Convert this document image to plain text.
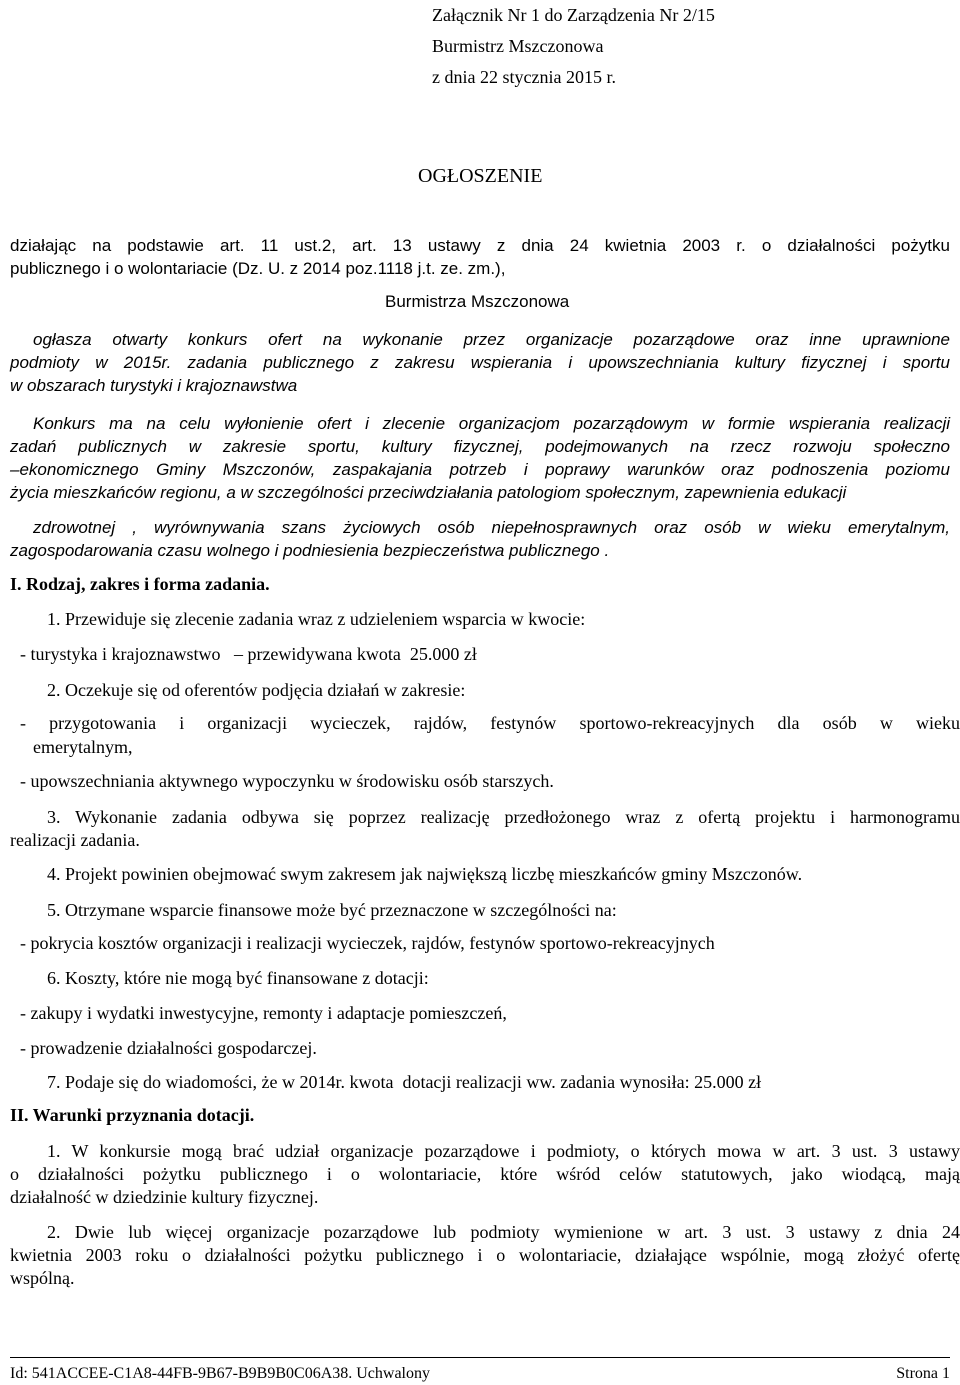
Załącznik Nr 1 do Zarządzenia Nr 2/15
Burmistrz Mszczonowa
z dnia 22 stycznia 2015 r.
OGŁOSZENIE
działając na podstawie art. 11 ust.2, art. 13 ustawy z dnia 24 kwietnia 2003 r. o działalności pożytku
publicznego i o wolontariacie (Dz. U. z 2014 poz.1118 j.t. ze. zm.),
Burmistrza Mszczonowa
ogłasza otwarty konkurs ofert na wykonanie przez organizacje pozarządowe oraz inne uprawnione
podmioty w 2015r. zadania publicznego z zakresu wspierania i upowszechniania kultury fizycznej i sportu
w obszarach turystyki i krajoznawstwa
Konkurs ma na celu wyłonienie ofert i zlecenie organizacjom pozarządowym w formie wspierania realizacji
zadań publicznych w zakresie sportu, kultury fizycznej, podejmowanych na rzecz rozwoju społeczno
–ekonomicznego Gminy Mszczonów, zaspakajania potrzeb i poprawy warunków oraz podnoszenia poziomu
życia mieszkańców regionu, a w szczególności przeciwdziałania patologiom społecznym, zapewnienia edukacji
zdrowotnej , wyrównywania szans życiowych osób niepełnosprawnych oraz osób w wieku emerytalnym,
zagospodarowania czasu wolnego i podniesienia bezpieczeństwa publicznego .
I. Rodzaj, zakres i forma zadania.
1. Przewiduje się zlecenie zadania wraz z udzieleniem wsparcia w kwocie:
- turystyka i krajoznawstwo   – przewidywana kwota  25.000 zł
2. Oczekuje się od oferentów podjęcia działań w zakresie:
- przygotowania i organizacji wycieczek, rajdów, festynów sportowo-rekreacyjnych dla osób w wieku
emerytalnym,
- upowszechniania aktywnego wypoczynku w środowisku osób starszych.
3. Wykonanie zadania odbywa się poprzez realizację przedłożonego wraz z ofertą projektu i harmonogramu
realizacji zadania.
4. Projekt powinien obejmować swym zakresem jak największą liczbę mieszkańców gminy Mszczonów.
5. Otrzymane wsparcie finansowe może być przeznaczone w szczególności na:
- pokrycia kosztów organizacji i realizacji wycieczek, rajdów, festynów sportowo-rekreacyjnych
6. Koszty, które nie mogą być finansowane z dotacji:
- zakupy i wydatki inwestycyjne, remonty i adaptacje pomieszczeń,
- prowadzenie działalności gospodarczej.
7. Podaje się do wiadomości, że w 2014r. kwota  dotacji realizacji ww. zadania wynosiła: 25.000 zł
II. Warunki przyznania dotacji.
1. W konkursie mogą brać udział organizacje pozarządowe i podmioty, o których mowa w art. 3 ust. 3 ustawy
o działalności pożytku publicznego i o wolontariacie, które wśród celów statutowych, jako wiodącą, mają
działalność w dziedzinie kultury fizycznej.
2. Dwie lub więcej organizacje pozarządowe lub podmioty wymienione w art. 3 ust. 3 ustawy z dnia 24
kwietnia 2003 roku o działalności pożytku publicznego i o wolontariacie, działające wspólnie, mogą złożyć ofertę
wspólną.
Id: 541ACCEE-C1A8-44FB-9B67-B9B9B0C06A38. Uchwalony	Strona 1
